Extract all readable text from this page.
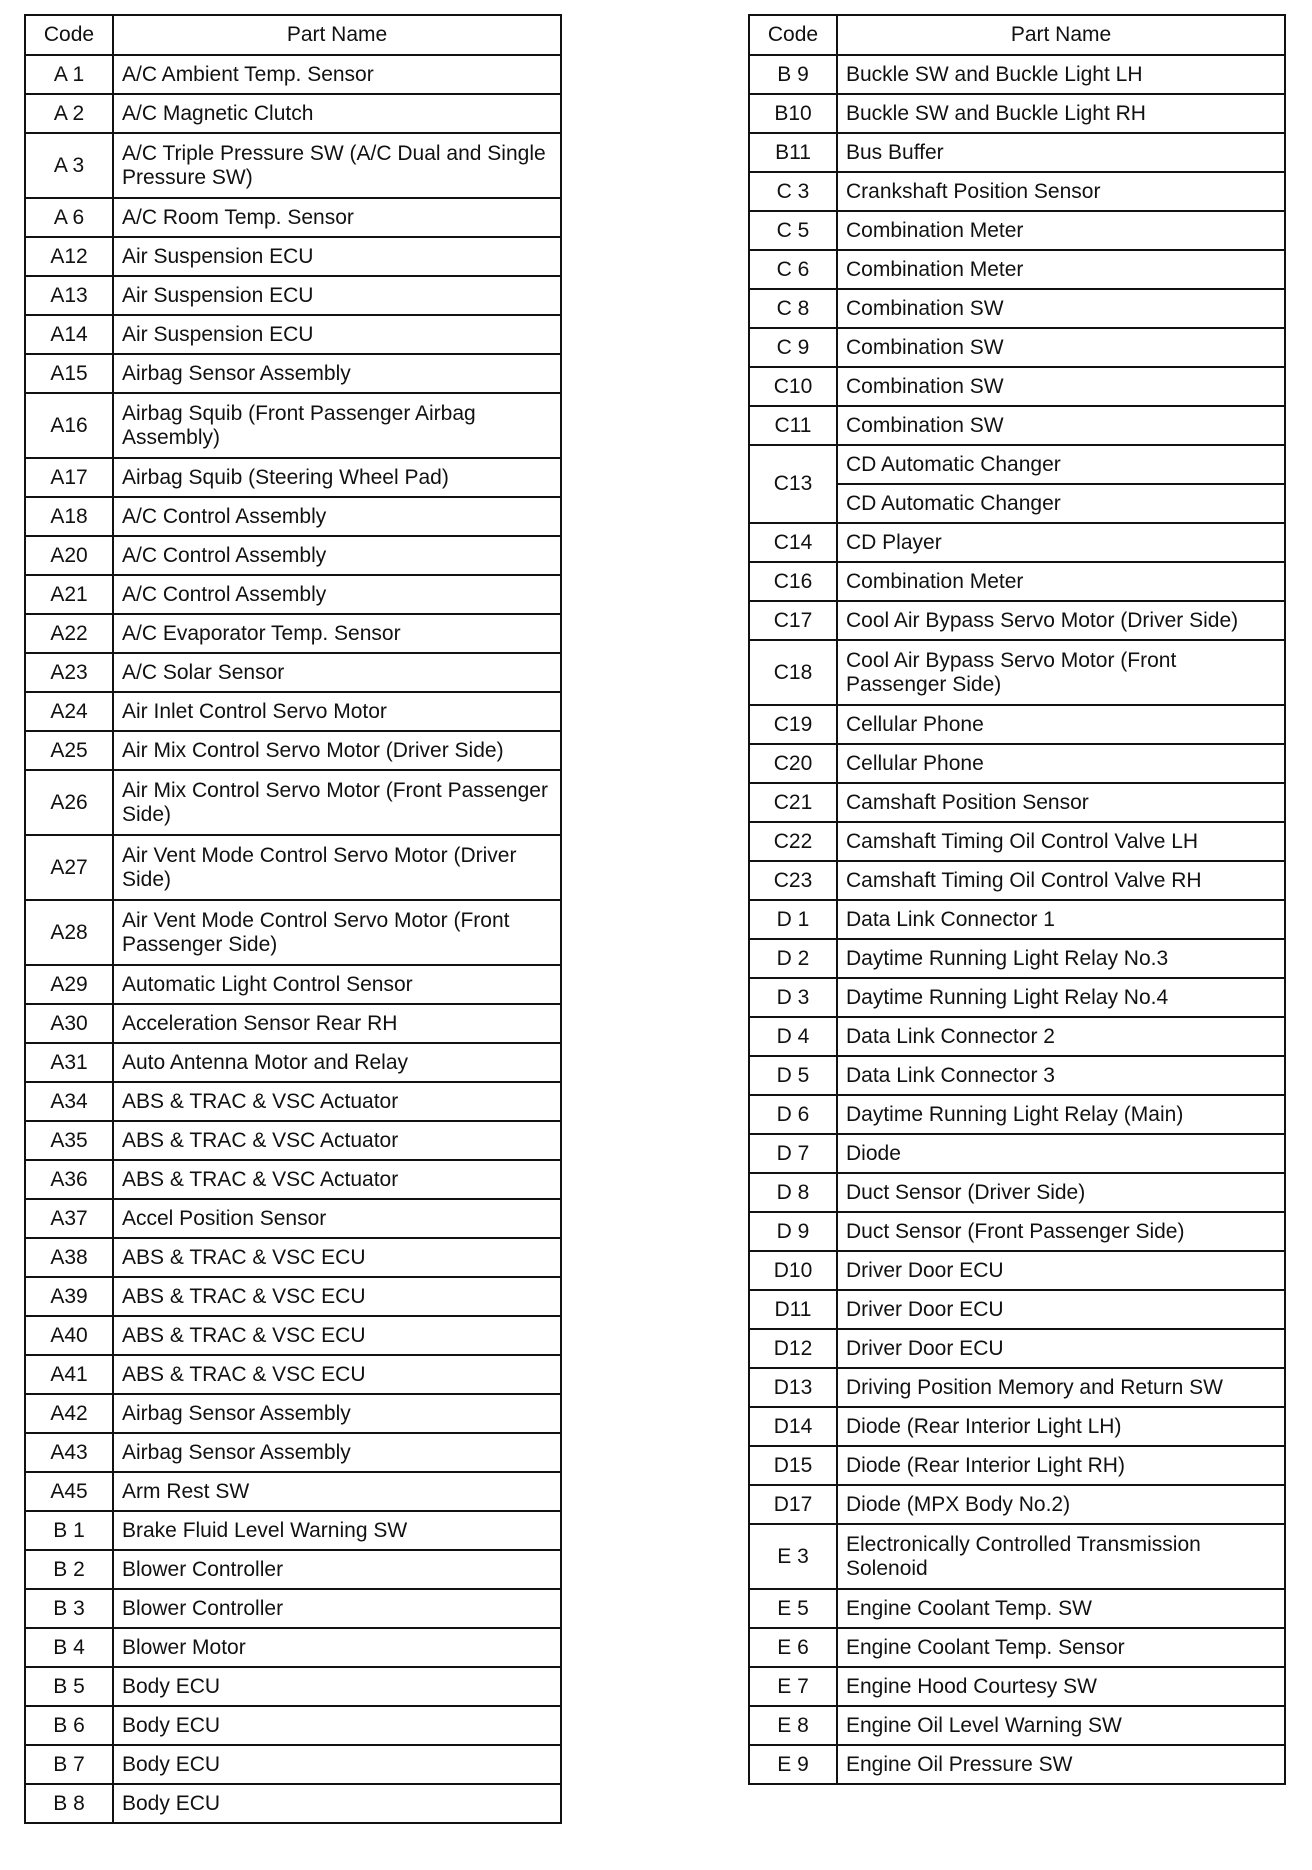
Code	Part Name
A 1	A/C Ambient Temp. Sensor
A 2	A/C Magnetic Clutch
A 3	A/C Triple Pressure SW (A/C Dual and Single Pressure SW)
A 6	A/C Room Temp. Sensor
A12	Air Suspension ECU
A13	Air Suspension ECU
A14	Air Suspension ECU
A15	Airbag Sensor Assembly
A16	Airbag Squib (Front Passenger Airbag Assembly)
A17	Airbag Squib (Steering Wheel Pad)
A18	A/C Control Assembly
A20	A/C Control Assembly
A21	A/C Control Assembly
A22	A/C Evaporator Temp. Sensor
A23	A/C Solar Sensor
A24	Air Inlet Control Servo Motor
A25	Air Mix Control Servo Motor (Driver Side)
A26	Air Mix Control Servo Motor (Front Passenger Side)
A27	Air Vent Mode Control Servo Motor (Driver Side)
A28	Air Vent Mode Control Servo Motor (Front Passenger Side)
A29	Automatic Light Control Sensor
A30	Acceleration Sensor Rear RH
A31	Auto Antenna Motor and Relay
A34	ABS & TRAC & VSC Actuator
A35	ABS & TRAC & VSC Actuator
A36	ABS & TRAC & VSC Actuator
A37	Accel Position Sensor
A38	ABS & TRAC & VSC ECU
A39	ABS & TRAC & VSC ECU
A40	ABS & TRAC & VSC ECU
A41	ABS & TRAC & VSC ECU
A42	Airbag Sensor Assembly
A43	Airbag Sensor Assembly
A45	Arm Rest SW
B 1	Brake Fluid Level Warning SW
B 2	Blower Controller
B 3	Blower Controller
B 4	Blower Motor
B 5	Body ECU
B 6	Body ECU
B 7	Body ECU
B 8	Body ECU
Code	Part Name
B 9	Buckle SW and Buckle Light LH
B10	Buckle SW and Buckle Light RH
B11	Bus Buffer
C 3	Crankshaft Position Sensor
C 5	Combination Meter
C 6	Combination Meter
C 8	Combination SW
C 9	Combination SW
C10	Combination SW
C11	Combination SW
C13	CD Automatic Changer
	CD Automatic Changer
C14	CD Player
C16	Combination Meter
C17	Cool Air Bypass Servo Motor (Driver Side)
C18	Cool Air Bypass Servo Motor (Front Passenger Side)
C19	Cellular Phone
C20	Cellular Phone
C21	Camshaft Position Sensor
C22	Camshaft Timing Oil Control Valve LH
C23	Camshaft Timing Oil Control Valve RH
D 1	Data Link Connector 1
D 2	Daytime Running Light Relay No.3
D 3	Daytime Running Light Relay No.4
D 4	Data Link Connector 2
D 5	Data Link Connector 3
D 6	Daytime Running Light Relay (Main)
D 7	Diode
D 8	Duct Sensor (Driver Side)
D 9	Duct Sensor (Front Passenger Side)
D10	Driver Door ECU
D11	Driver Door ECU
D12	Driver Door ECU
D13	Driving Position Memory and Return SW
D14	Diode (Rear Interior Light LH)
D15	Diode (Rear Interior Light RH)
D17	Diode (MPX Body No.2)
E 3	Electronically Controlled Transmission Solenoid
E 5	Engine Coolant Temp. SW
E 6	Engine Coolant Temp. Sensor
E 7	Engine Hood Courtesy SW
E 8	Engine Oil Level Warning SW
E 9	Engine Oil Pressure SW
